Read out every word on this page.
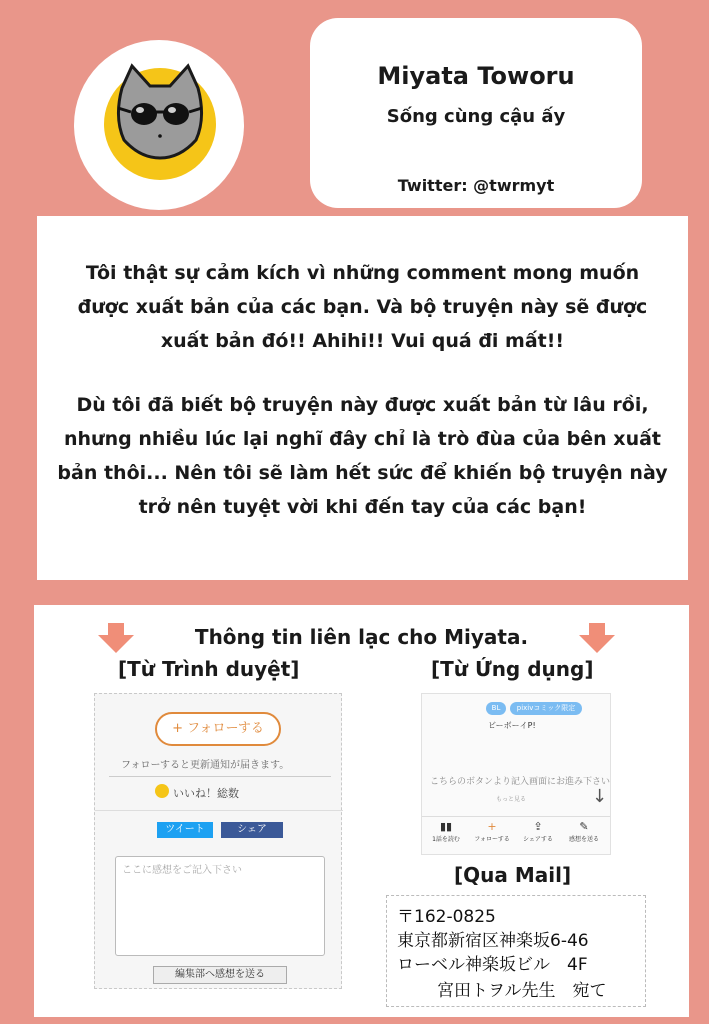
Miyata Toworu
Sống cùng cậu ấy
Twitter: @twrmyt
Tôi thật sự cảm kích vì những comment mong muốn được xuất bản của các bạn. Và bộ truyện này sẽ được xuất bản đó!! Ahihi!! Vui quá đi mất!!
Dù tôi đã biết bộ truyện này được xuất bản từ lâu rồi, nhưng nhiều lúc lại nghĩ đây chỉ là trò đùa của bên xuất bản thôi... Nên tôi sẽ làm hết sức để khiến bộ truyện này trở nên tuyệt vời khi đến tay của các bạn!
Thông tin liên lạc cho Miyata.
[Từ Trình duyệt]	[Từ Ứng dụng]
+ フォローする
フォローすると更新通知が届きます。
いいね！総数
ツイート	シェア
ここに感想をご記入下さい
編集部へ感想を送る
BL	pixivコミック限定
ビーボーイP!
こちらのボタンより記入画面にお進み下さい
もっと見る	↓
▮▮
1話を読む
+
フォローする
⇪
シェアする
✎
感想を送る
[Qua Mail]
〒162-0825
東京都新宿区神楽坂6-46
ローベル神楽坂ビル　4F
宮田トヲル先生　宛て
